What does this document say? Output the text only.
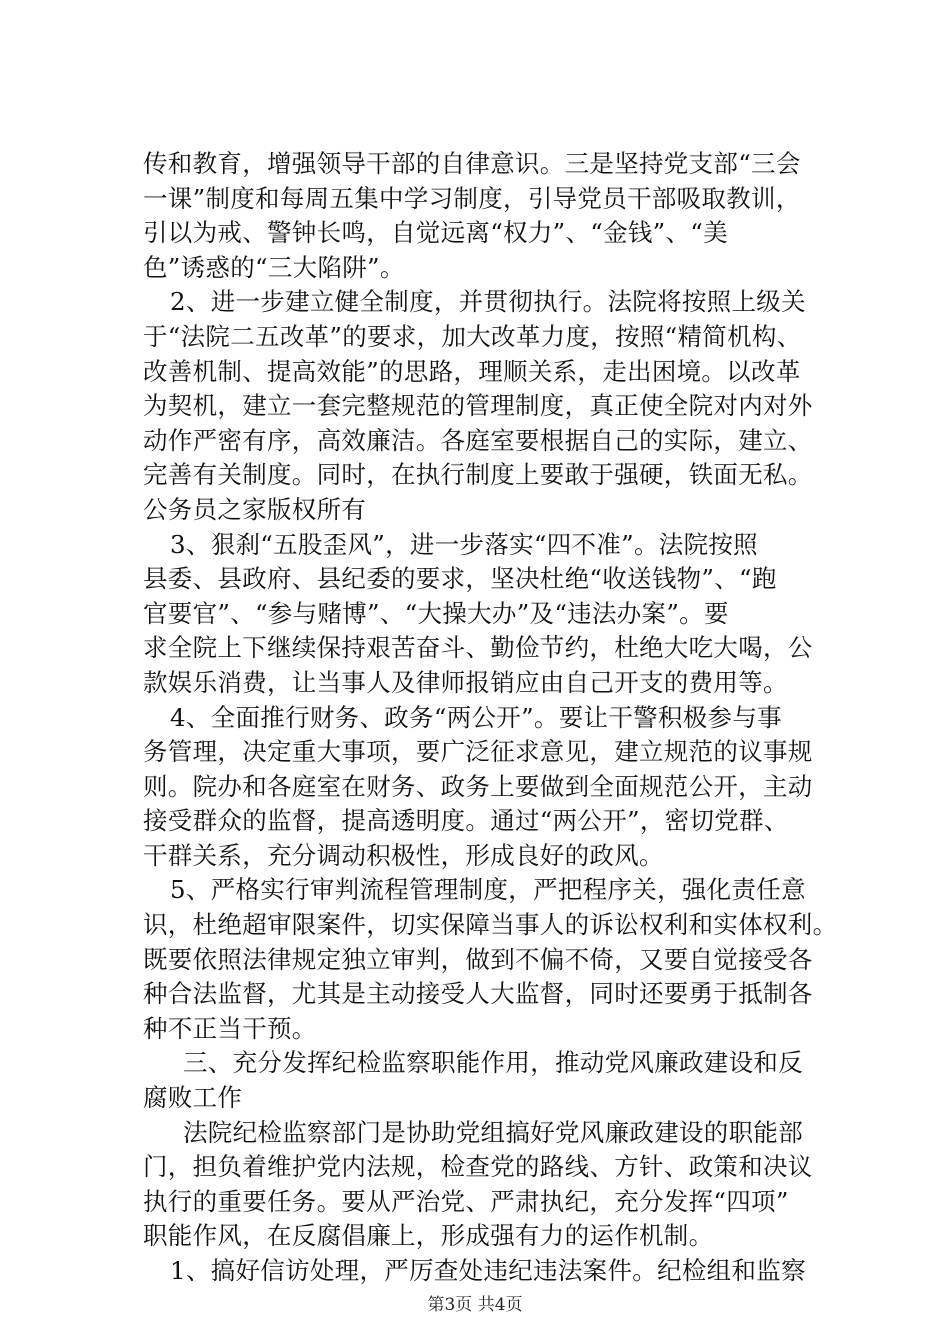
传和教育，增强领导干部的自律意识。三是坚持党支部“三会
一课”制度和每周五集中学习制度，引导党员干部吸取教训，
引以为戒、警钟长鸣，自觉远离“权力”、“金钱”、“美
色”诱惑的“三大陷阱”。
2、进一步建立健全制度，并贯彻执行。法院将按照上级关
于“法院二五改革”的要求，加大改革力度，按照“精简机构、
改善机制、提高效能”的思路，理顺关系，走出困境。以改革
为契机，建立一套完整规范的管理制度，真正使全院对内对外
动作严密有序，高效廉洁。各庭室要根据自己的实际，建立、
完善有关制度。同时，在执行制度上要敢于强硬，铁面无私。
公务员之家版权所有
3、狠刹“五股歪风”，进一步落实“四不准”。法院按照
县委、县政府、县纪委的要求，坚决杜绝“收送钱物”、“跑
官要官”、“参与赌博”、“大操大办”及“违法办案”。要
求全院上下继续保持艰苦奋斗、勤俭节约，杜绝大吃大喝，公
款娱乐消费，让当事人及律师报销应由自己开支的费用等。
4、全面推行财务、政务“两公开”。要让干警积极参与事
务管理，决定重大事项，要广泛征求意见，建立规范的议事规
则。院办和各庭室在财务、政务上要做到全面规范公开，主动
接受群众的监督，提高透明度。通过“两公开”，密切党群、
干群关系，充分调动积极性，形成良好的政风。
5、严格实行审判流程管理制度，严把程序关，强化责任意
识，杜绝超审限案件，切实保障当事人的诉讼权利和实体权利。
既要依照法律规定独立审判，做到不偏不倚，又要自觉接受各
种合法监督，尤其是主动接受人大监督，同时还要勇于抵制各
种不正当干预。
三、充分发挥纪检监察职能作用，推动党风廉政建设和反
腐败工作
法院纪检监察部门是协助党组搞好党风廉政建设的职能部
门，担负着维护党内法规，检查党的路线、方针、政策和决议
执行的重要任务。要从严治党、严肃执纪，充分发挥“四项”
职能作风，在反腐倡廉上，形成强有力的运作机制。
1、搞好信访处理，严厉查处违纪违法案件。纪检组和监察
第3页 共4页
